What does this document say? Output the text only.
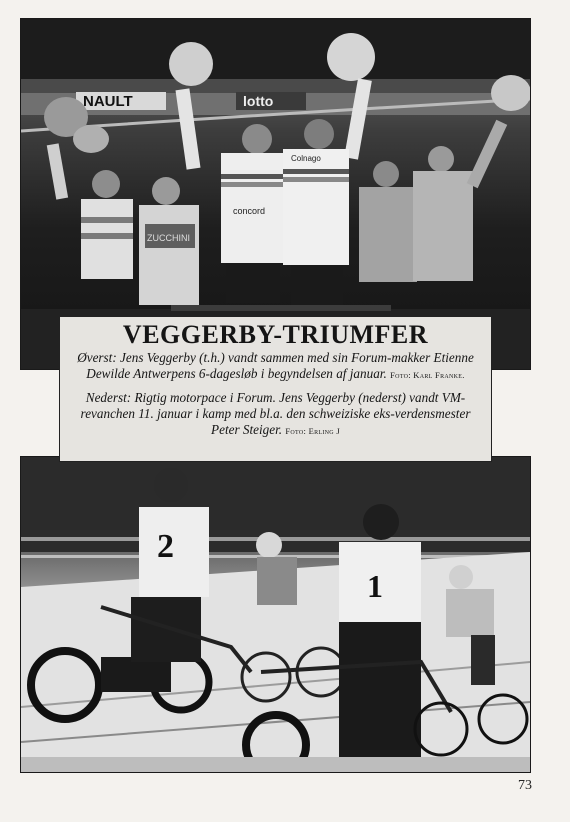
NAULT	lotto
ZUCCHINI
concord
Colnago
2
1
VEGGERBY-TRIUMFER
Øverst: Jens Veggerby (t.h.) vandt sammen med sin Forum-makker Etienne Dewilde Antwerpens 6-dagesløb i begyndelsen af januar. Foto: Karl Franke.
Nederst: Rigtig motorpace i Forum. Jens Veggerby (nederst) vandt VM-revanchen 11. januar i kamp med bl.a. den schweiziske eks-verdensmester Peter Steiger. Foto: Erling J
73
